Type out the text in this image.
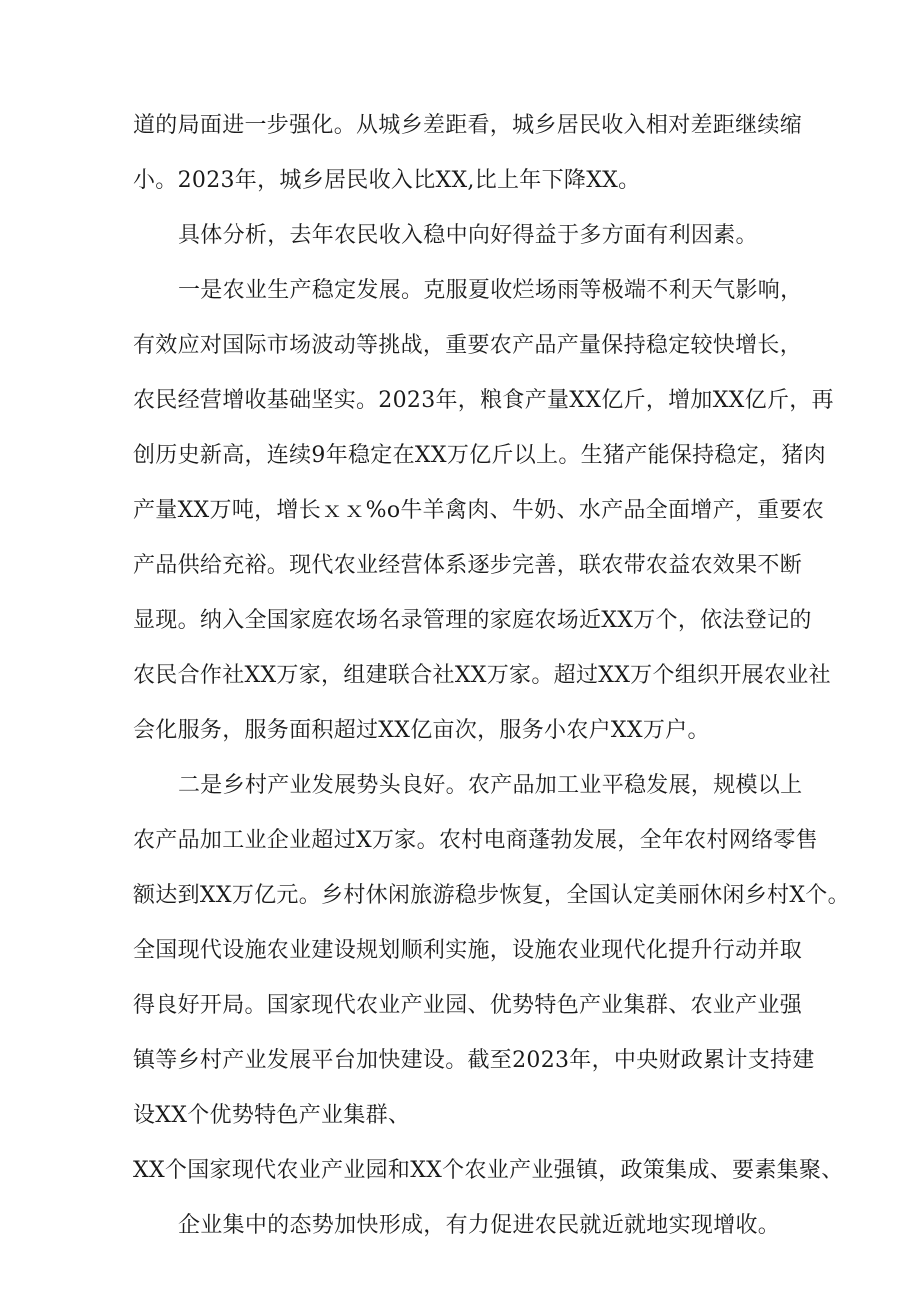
道的局面进一步强化。从城乡差距看，城乡居民收入相对差距继续缩
小。2023年，城乡居民收入比XX,比上年下降XX。
具体分析，去年农民收入稳中向好得益于多方面有利因素。
一是农业生产稳定发展。克服夏收烂场雨等极端不利天气影响，
有效应对国际市场波动等挑战，重要农产品产量保持稳定较快增长，
农民经营增收基础坚实。2023年，粮食产量XX亿斤，增加XX亿斤，再
创历史新高，连续9年稳定在XX万亿斤以上。生猪产能保持稳定，猪肉
产量XX万吨，增长ｘｘ%o牛羊禽肉、牛奶、水产品全面增产，重要农
产品供给充裕。现代农业经营体系逐步完善，联农带农益农效果不断
显现。纳入全国家庭农场名录管理的家庭农场近XX万个，依法登记的
农民合作社XX万家，组建联合社XX万家。超过XX万个组织开展农业社
会化服务，服务面积超过XX亿亩次，服务小农户XX万户。
二是乡村产业发展势头良好。农产品加工业平稳发展，规模以上
农产品加工业企业超过X万家。农村电商蓬勃发展，全年农村网络零售
额达到XX万亿元。乡村休闲旅游稳步恢复，全国认定美丽休闲乡村X个。
全国现代设施农业建设规划顺利实施，设施农业现代化提升行动并取
得良好开局。国家现代农业产业园、优势特色产业集群、农业产业强
镇等乡村产业发展平台加快建设。截至2023年，中央财政累计支持建
设XX个优势特色产业集群、
XX个国家现代农业产业园和XX个农业产业强镇，政策集成、要素集聚、
企业集中的态势加快形成，有力促进农民就近就地实现增收。
